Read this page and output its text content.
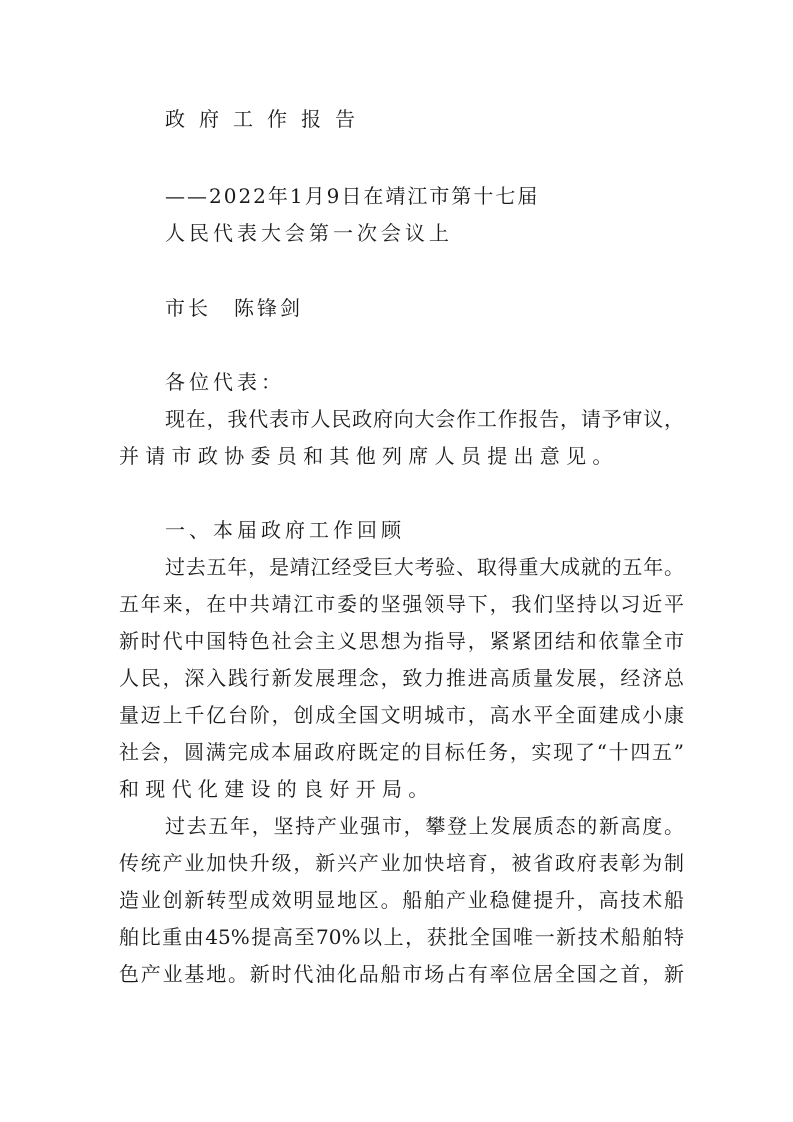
政府工作报告
——2022年1月9日在靖江市第十七届
人民代表大会第一次会议上
市长　陈锋剑
各位代表：
现在，我代表市人民政府向大会作工作报告，请予审议，
并请市政协委员和其他列席人员提出意见。
一、本届政府工作回顾
过去五年，是靖江经受巨大考验、取得重大成就的五年。
五年来，在中共靖江市委的坚强领导下，我们坚持以习近平
新时代中国特色社会主义思想为指导，紧紧团结和依靠全市
人民，深入践行新发展理念，致力推进高质量发展，经济总
量迈上千亿台阶，创成全国文明城市，高水平全面建成小康
社会，圆满完成本届政府既定的目标任务，实现了“十四五”
和现代化建设的良好开局。
过去五年，坚持产业强市，攀登上发展质态的新高度。
传统产业加快升级，新兴产业加快培育，被省政府表彰为制
造业创新转型成效明显地区。船舶产业稳健提升，高技术船
舶比重由45%提高至70%以上，获批全国唯一新技术船舶特
色产业基地。新时代油化品船市场占有率位居全国之首，新
